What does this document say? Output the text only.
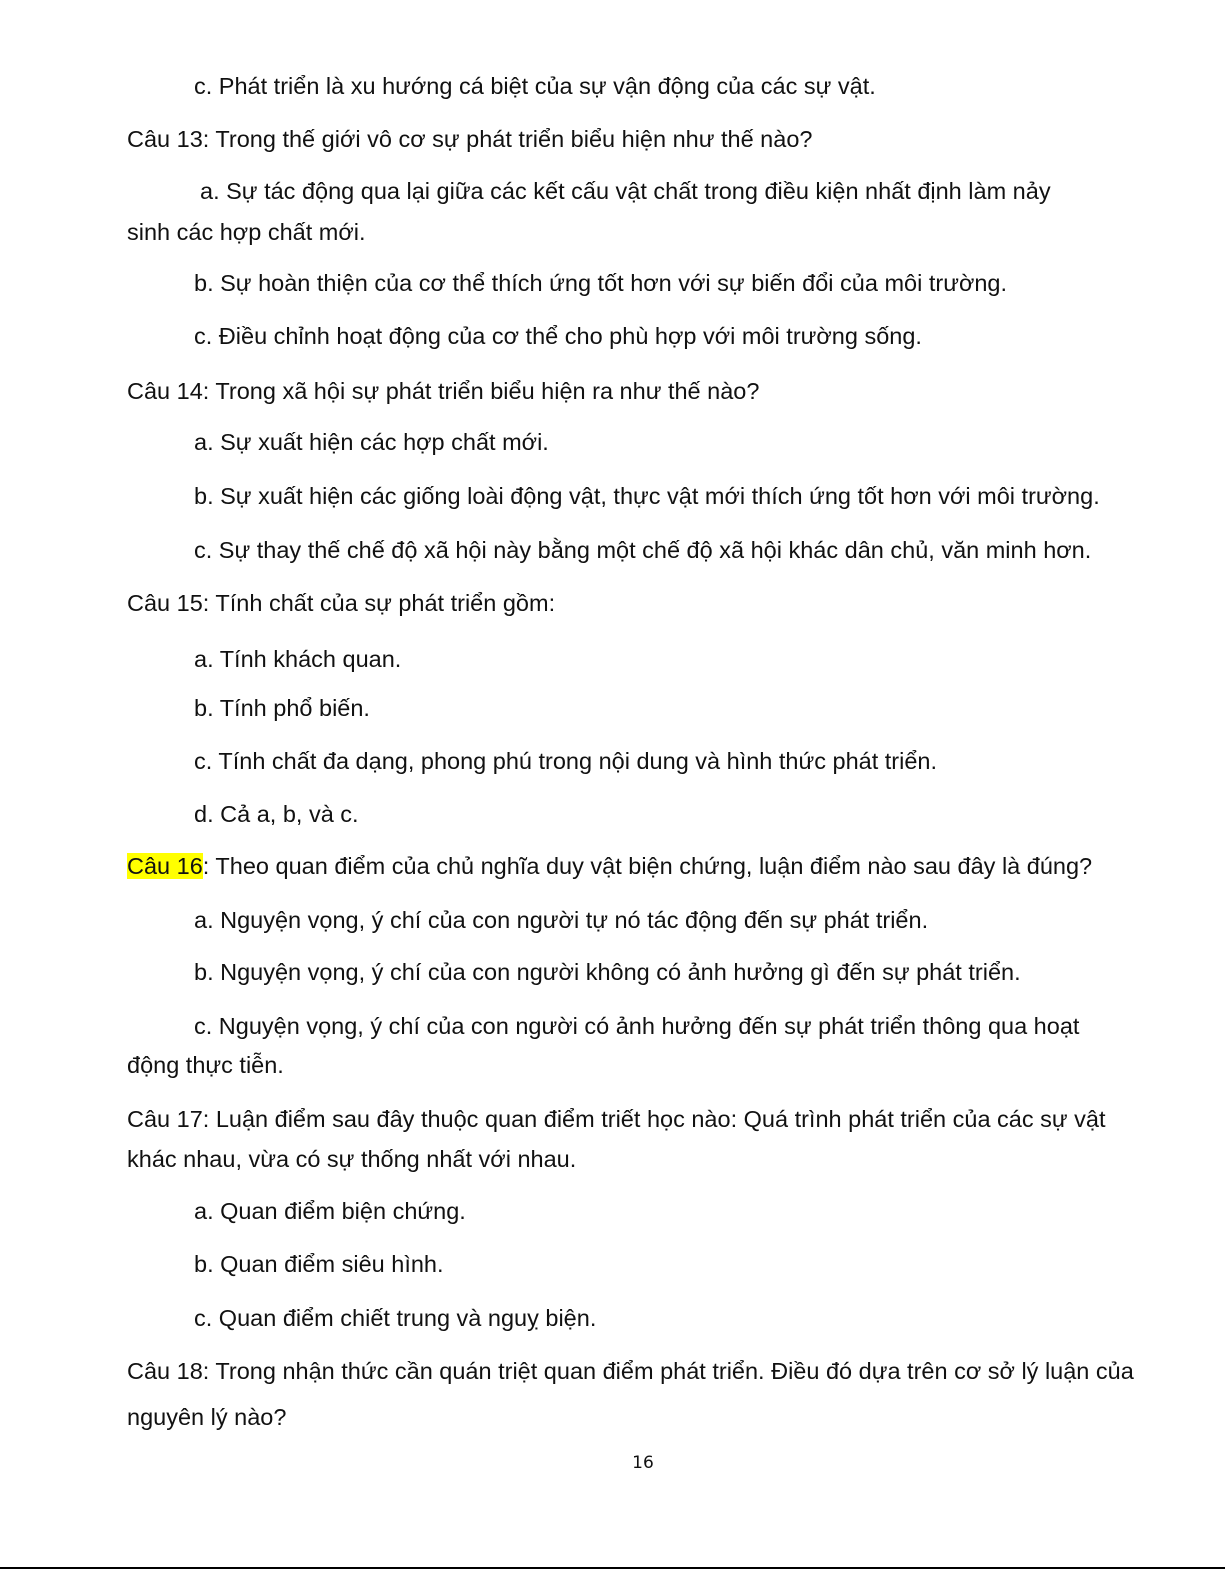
c. Phát triển là xu hướng cá biệt của sự vận động của các sự vật.
Câu 13: Trong thế giới vô cơ sự phát triển biểu hiện như thế nào?
a. Sự tác động qua lại giữa các kết cấu vật chất trong điều kiện nhất định làm nảy
sinh các hợp chất mới.
b. Sự hoàn thiện của cơ thể thích ứng tốt hơn với sự biến đổi của môi trường.
c. Điều chỉnh hoạt động của cơ thể cho phù hợp với môi trường sống.
Câu 14: Trong xã hội sự phát triển biểu hiện ra như thế nào?
a. Sự xuất hiện các hợp chất mới.
b. Sự xuất hiện các giống loài động vật, thực vật mới thích ứng tốt hơn với môi trường.
c. Sự thay thế chế độ xã hội này bằng một chế độ xã hội khác dân chủ, văn minh hơn.
Câu 15: Tính chất của sự phát triển gồm:
a. Tính khách quan.
b. Tính phổ biến.
c. Tính chất đa dạng, phong phú trong nội dung và hình thức phát triển.
d. Cả a, b, và c.
Câu 16: Theo quan điểm của chủ nghĩa duy vật biện chứng, luận điểm nào sau đây là đúng?
a. Nguyện vọng, ý chí của con người tự nó tác động đến sự phát triển.
b. Nguyện vọng, ý chí của con người không có ảnh hưởng gì đến sự phát triển.
c. Nguyện vọng, ý chí của con người có ảnh hưởng đến sự phát triển thông qua hoạt
động thực tiễn.
Câu 17: Luận điểm sau đây thuộc quan điểm triết học nào: Quá trình phát triển của các sự vật
khác nhau, vừa có sự thống nhất với nhau.
a. Quan điểm biện chứng.
b. Quan điểm siêu hình.
c. Quan điểm chiết trung và nguỵ biện.
Câu 18: Trong nhận thức cần quán triệt quan điểm phát triển. Điều đó dựa trên cơ sở lý luận của
nguyên lý nào?
16
